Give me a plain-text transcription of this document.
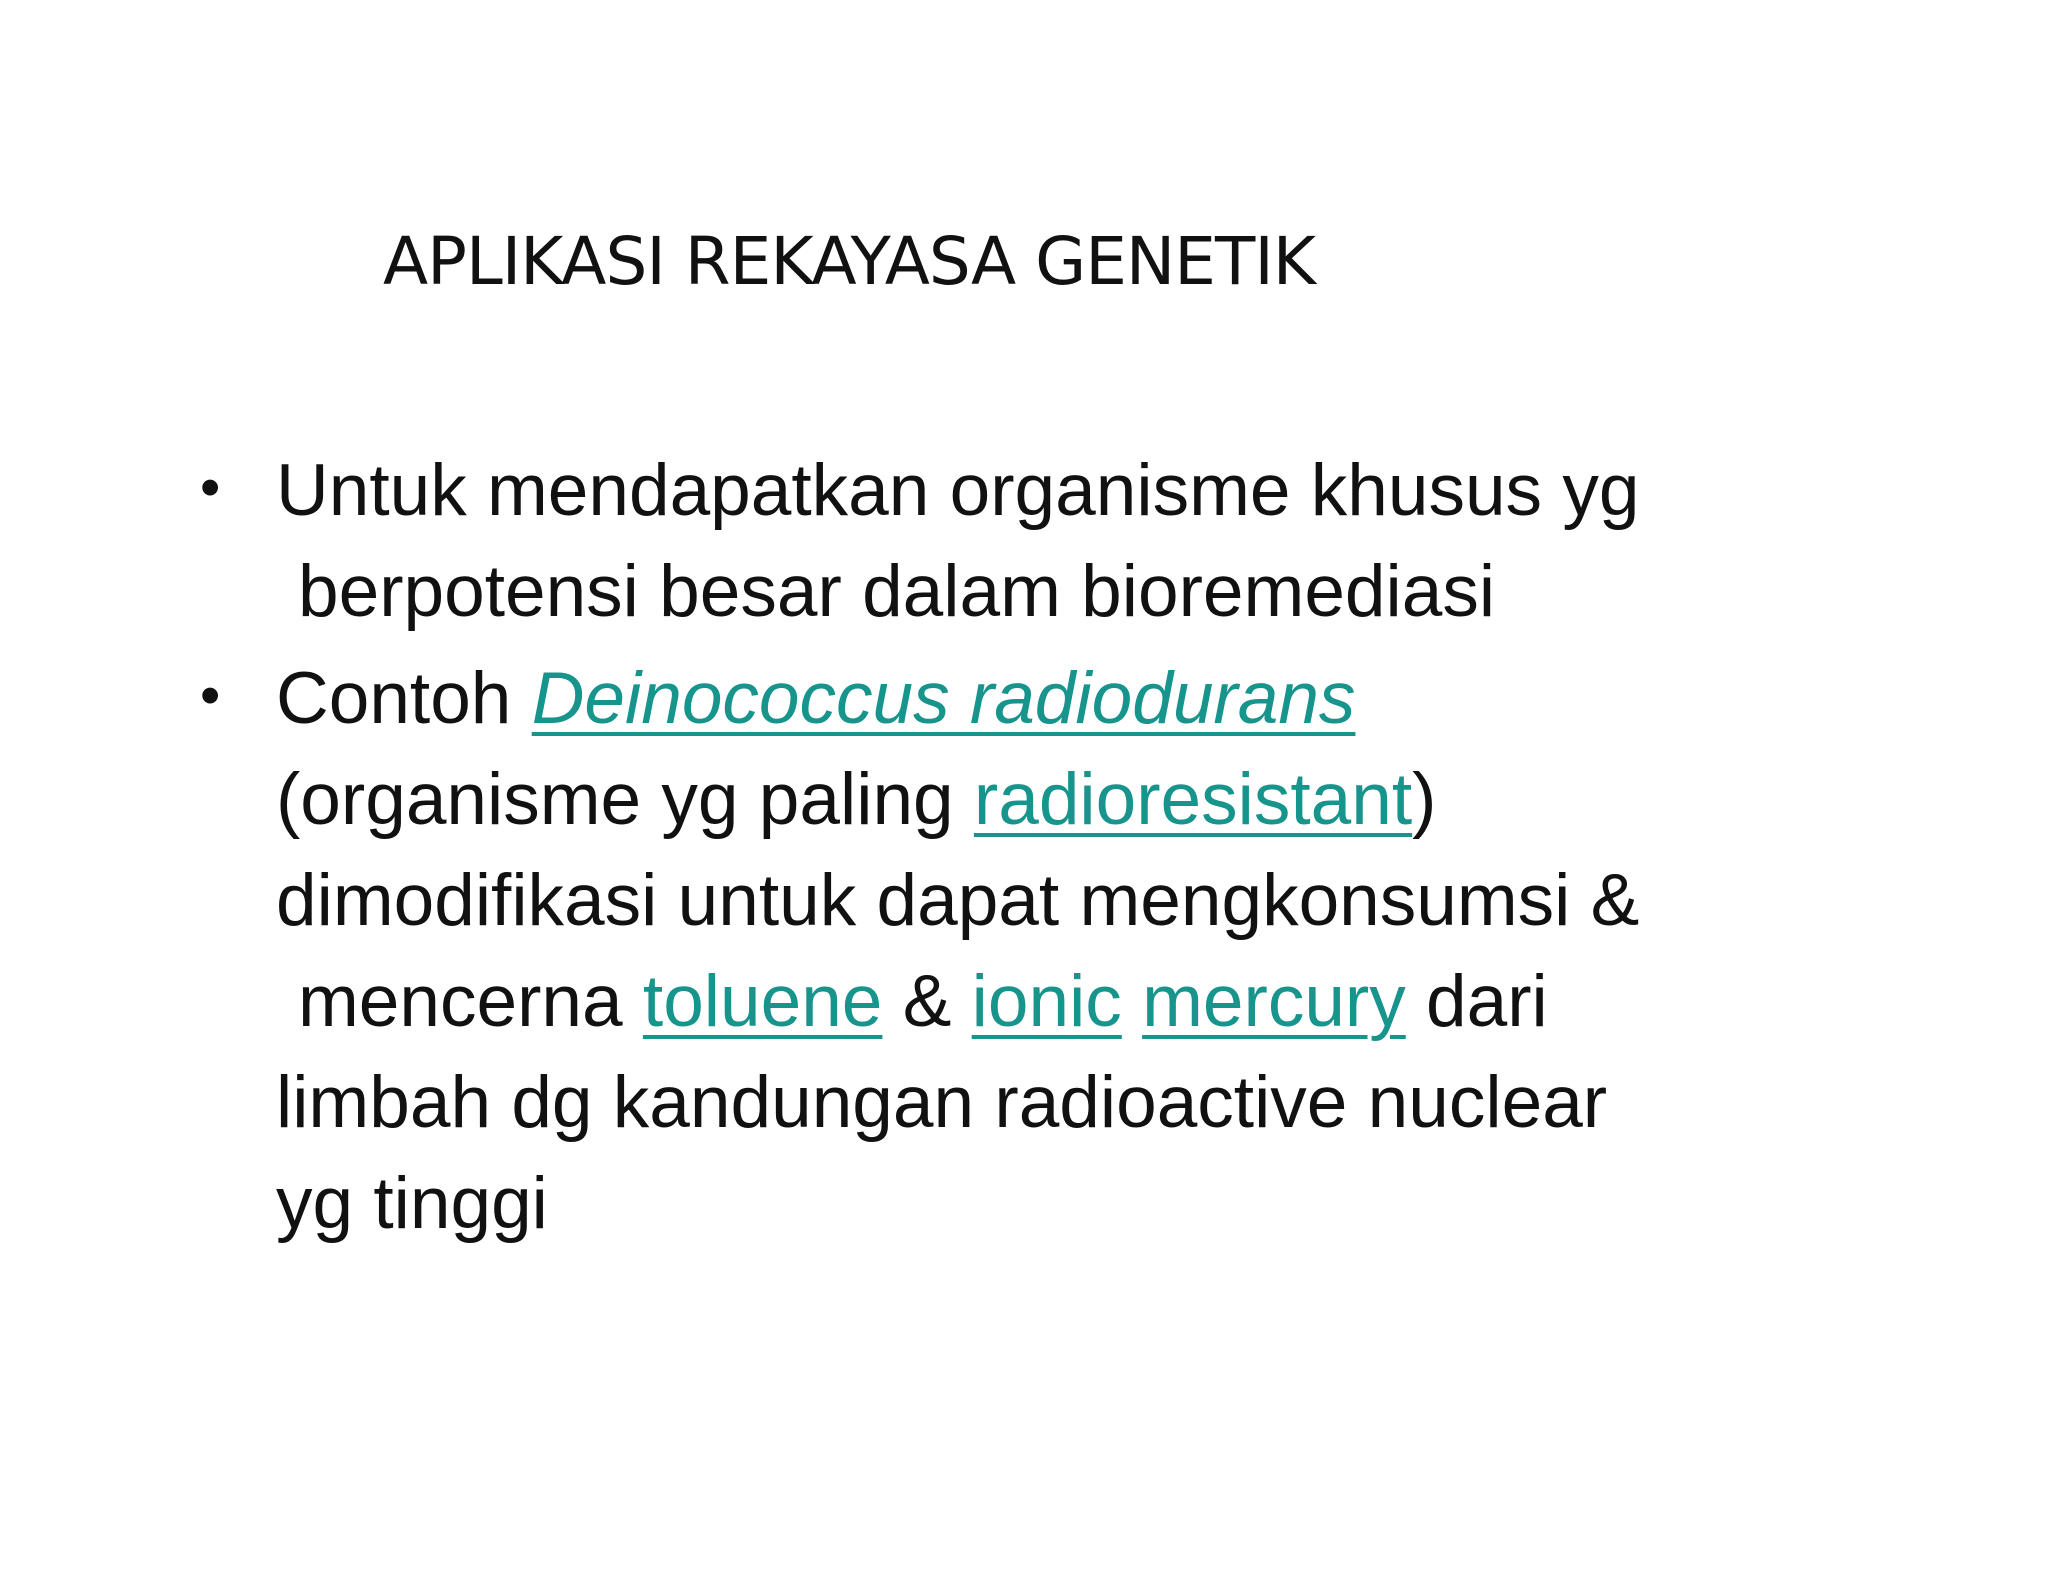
APLIKASI REKAYASA GENETIK
• Untuk mendapatkan organisme khusus yg
berpotensi besar dalam bioremediasi
• Contoh Deinococcus radiodurans
(organisme yg paling radioresistant)
dimodifikasi untuk dapat mengkonsumsi &
mencerna toluene & ionic mercury dari
limbah dg kandungan radioactive nuclear
yg tinggi
